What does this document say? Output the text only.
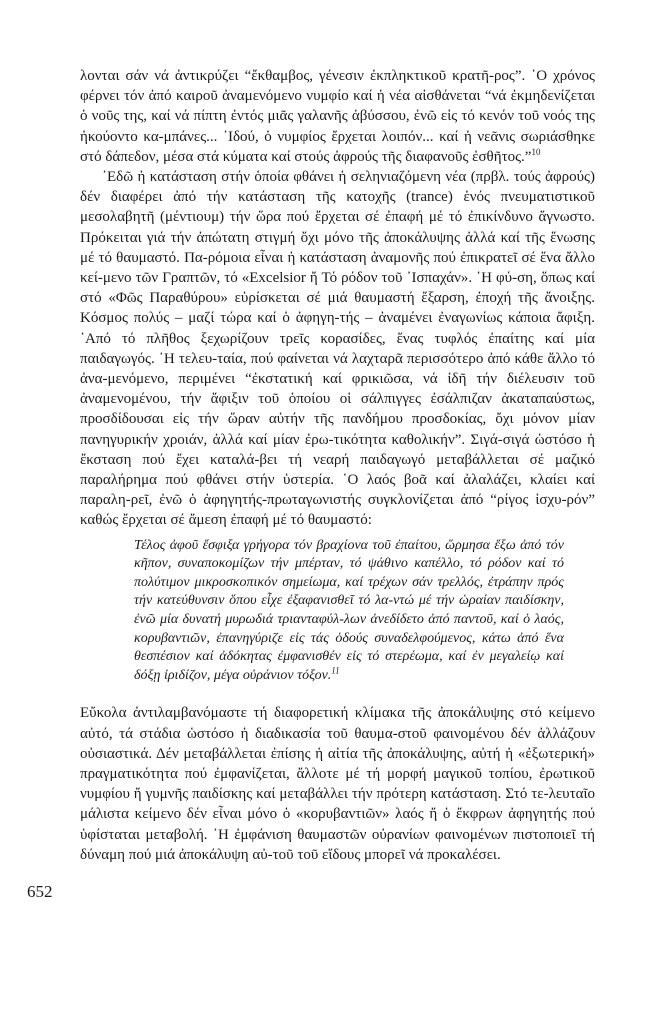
λονται σάν νά ἀντικρύζει “ἔκθαμβος, γένεσιν ἐκπληκτικοῦ κρατῆ-ρος”. ῾Ο χρόνος φέρνει τόν ἀπό καιροῦ ἀναμενόμενο νυμφίο καί ἡ νέα αἰσθάνεται “νά ἐκμηδενίζεται ὁ νοῦς της, καί νά πίπτη ἐντός μιᾶς γαλανῆς ἀβύσσου, ἐνῶ εἰς τό κενόν τοῦ νοός της ἠκούοντο κα-μπάνες... ᾿Ιδού, ὁ νυμφίος ἔρχεται λοιπόν... καί ἡ νεᾶνις σωριάσθηκε στό δάπεδον, μέσα στά κύματα καί στούς ἀφρούς τῆς διαφανοῦς ἐσθῆτος.”$^{10}$

᾿Εδῶ ἡ κατάσταση στήν ὁποία φθάνει ἡ σεληνιαζόμενη νέα (πρβλ. τούς ἀφρούς) δέν διαφέρει ἀπό τήν κατάσταση τῆς κατοχῆς (trance) ἑνός πνευματιστικοῦ μεσολαβητῆ (μέντιουμ) τήν ὥρα πού ἔρχεται σέ ἐπαφή μέ τό ἐπικίνδυνο ἄγνωστο. Πρόκειται γιά τήν ἀπώτατη στιγμή ὄχι μόνο τῆς ἀποκάλυψης ἀλλά καί τῆς ἕνωσης μέ τό θαυμαστό. Πα-ρόμοια εἶναι ἡ κατάσταση ἀναμονῆς πού ἐπικρατεῖ σέ ἕνα ἄλλο κεί-μενο τῶν Γραπτῶν, τό «Excelsior ἤ Τό ρόδον τοῦ ᾿Ισπαχάν». ῾Η φύ-ση, ὅπως καί στό «Φῶς Παραθύρου» εὑρίσκεται σέ μιά θαυμαστή ἔξαρση, ἐποχή τῆς ἄνοιξης. Κόσμος πολύς – μαζί τώρα καί ὁ ἀφηγη-τής – ἀναμένει ἐναγωνίως κάποια ἄφιξη. ᾿Από τό πλῆθος ξεχωρίζουν τρεῖς κορασίδες, ἕνας τυφλός ἐπαίτης καί μία παιδαγωγός. ῾Η τελευ-ταία, πού φαίνεται νά λαχταρᾶ περισσότερο ἀπό κάθε ἄλλο τό ἀνα-μενόμενο, περιμένει “ἐκστατική καί φρικιῶσα, νά ἰδῆ τήν διέλευσιν τοῦ ἀναμενομένου, τήν ἄφιξιν τοῦ ὁποίου οἱ σάλπιγγες ἐσάλπιζαν ἀκαταπαύστως, προσδίδουσαι εἰς τήν ὥραν αὐτήν τῆς πανδήμου προσδοκίας, ὄχι μόνον μίαν πανηγυρικήν χροιάν, ἀλλά καί μίαν ἐρω-τικότητα καθολικήν”. Σιγά-σιγά ὡστόσο ἡ ἔκσταση πού ἔχει καταλά-βει τή νεαρή παιδαγωγό μεταβάλλεται σέ μαζικό παραλήρημα πού φθάνει στήν ὑστερία. ῾Ο λαός βοᾶ καί ἀλαλάζει, κλαίει καί παραλη-ρεῖ, ἐνῶ ὁ ἀφηγητής-πρωταγωνιστής συγκλονίζεται ἀπό “ρίγος ἰσχυ-ρόν” καθώς ἔρχεται σέ ἄμεση ἐπαφή μέ τό θαυμαστό:

Τέλος ἀφοῦ ἔσφιξα γρήγορα τόν βραχίονα τοῦ ἐπαίτου, ὥρμησα ἔξω ἀπό τόν κῆπον, συναποκομίζων τήν μπέρταν, τό ψάθινο καπέλλο, τό ρόδον καί τό πολύτιμον μικροσκοπικόν σημείωμα, καί τρέχων σάν τρελλός, ἐτράπην πρός τήν κατεύθυνσιν ὅπου εἶχε ἐξαφανισθεῖ τό λα-ντώ μέ τήν ὡραίαν παιδίσκην, ἐνῶ μία δυνατή μυρωδιά τριανταφύλ-λων ἀνεδίδετο ἀπό παντοῦ, καί ὁ λαός, κορυβαντιῶν, ἐπανηγύριζε εἰς τάς ὁδούς συναδελφούμενος, κάτω ἀπό ἕνα θεσπέσιον καί ἀδόκητας ἐμφανισθέν εἰς τό στερέωμα, καί ἐν μεγαλείῳ καί δόξῃ ἰριδίζον, μέγα οὐράνιον τόξον.$^{11}$

Εὔκολα ἀντιλαμβανόμαστε τή διαφορετική κλίμακα τῆς ἀποκάλυψης στό κείμενο αὐτό, τά στάδια ὡστόσο ἡ διαδικασία τοῦ θαυμα-στοῦ φαινομένου δέν ἀλλάζουν οὐσιαστικά. Δέν μεταβάλλεται ἐπίσης ἡ αἰτία τῆς ἀποκάλυψης, αὐτή ἡ «ἐξωτερική» πραγματικότητα πού ἐμφανίζεται, ἄλλοτε μέ τή μορφή μαγικοῦ τοπίου, ἐρωτικοῦ νυμφίου ἤ γυμνῆς παιδίσκης καί μεταβάλλει τήν πρότερη κατάσταση. Στό τε-λευταῖο μάλιστα κείμενο δέν εἶναι μόνο ὁ «κορυβαντιῶν» λαός ἤ ὁ ἔκφρων ἀφηγητής πού ὑφίσταται μεταβολή. ῾Η ἐμφάνιση θαυμαστῶν οὐρανίων φαινομένων πιστοποιεῖ τή δύναμη πού μιά ἀποκάλυψη αὐ-τοῦ τοῦ εἴδους μπορεῖ νά προκαλέσει.

652
